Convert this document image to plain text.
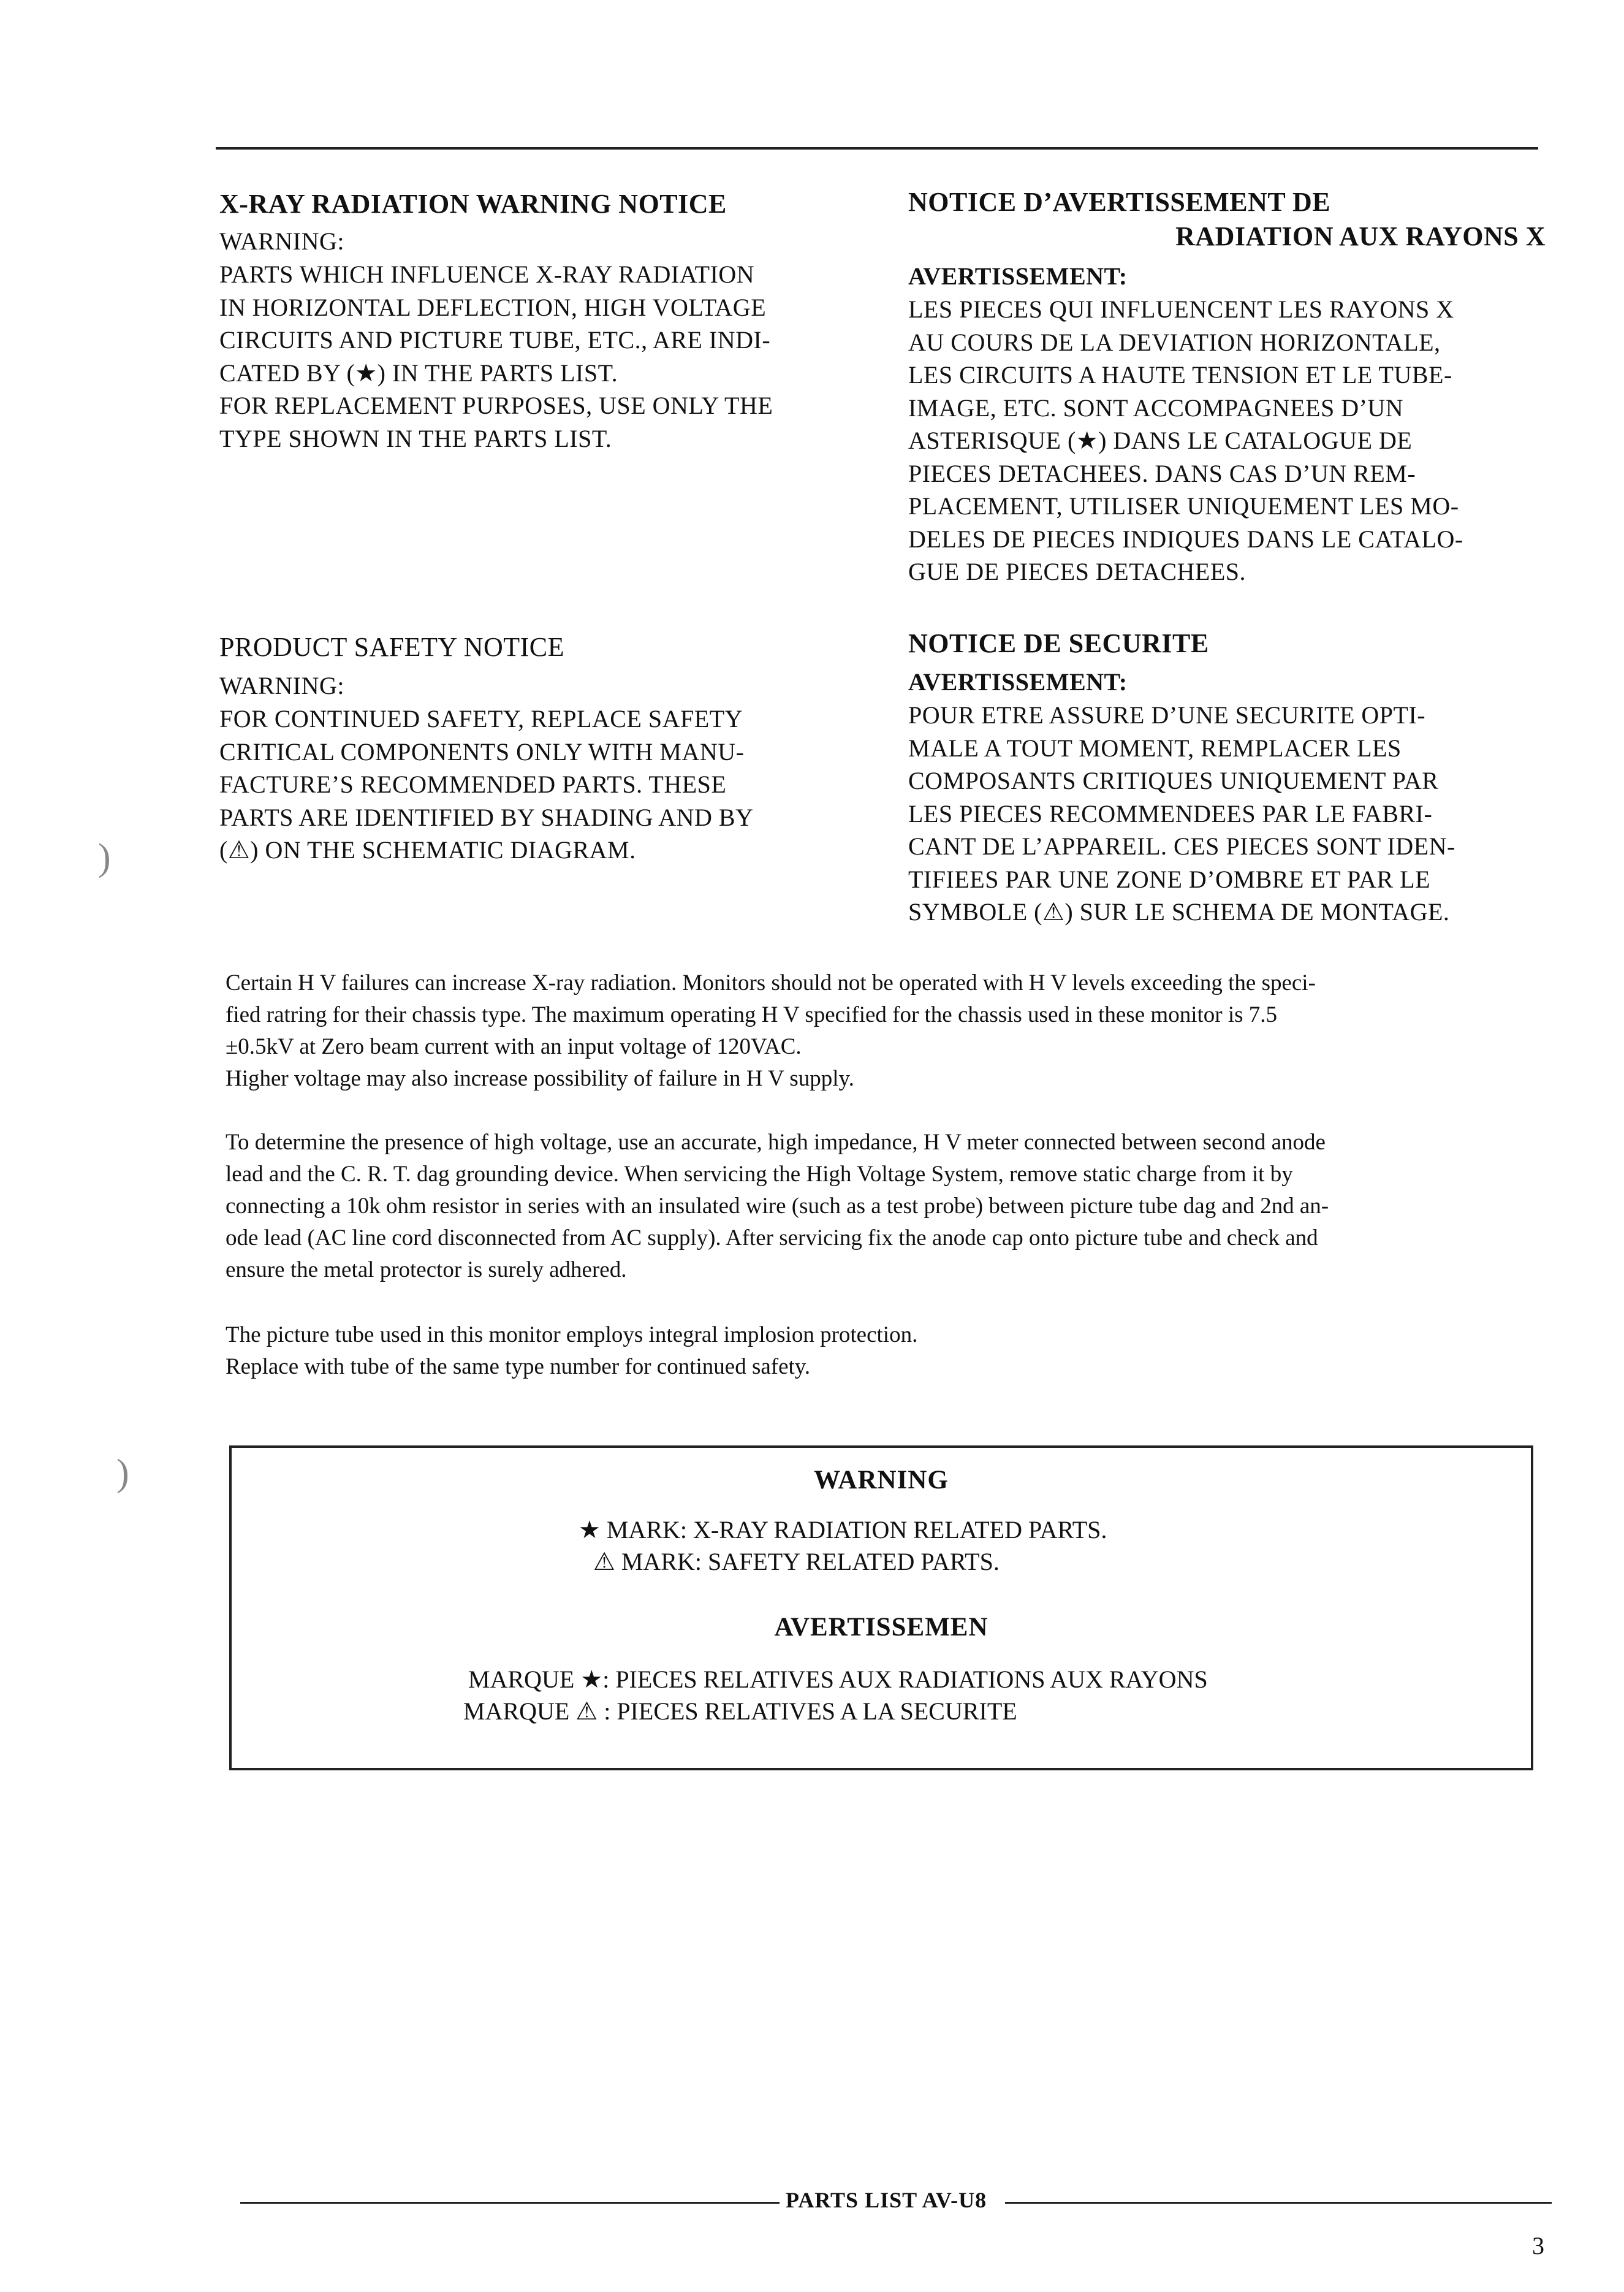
X-RAY RADIATION WARNING NOTICE
WARNING:
PARTS WHICH INFLUENCE X-RAY RADIATION
IN HORIZONTAL DEFLECTION, HIGH VOLTAGE
CIRCUITS AND PICTURE TUBE, ETC., ARE INDI-
CATED BY (★) IN THE PARTS LIST.
FOR REPLACEMENT PURPOSES, USE ONLY THE
TYPE SHOWN IN THE PARTS LIST.
NOTICE D’AVERTISSEMENT DE
RADIATION AUX RAYONS X
AVERTISSEMENT:
LES PIECES QUI INFLUENCENT LES RAYONS X
AU COURS DE LA DEVIATION HORIZONTALE,
LES CIRCUITS A HAUTE TENSION ET LE TUBE-
IMAGE, ETC. SONT ACCOMPAGNEES D’UN
ASTERISQUE (★) DANS LE CATALOGUE DE
PIECES DETACHEES. DANS CAS D’UN REM-
PLACEMENT, UTILISER UNIQUEMENT LES MO-
DELES DE PIECES INDIQUES DANS LE CATALO-
GUE DE PIECES DETACHEES.
PRODUCT SAFETY NOTICE
WARNING:
FOR CONTINUED SAFETY, REPLACE SAFETY
CRITICAL COMPONENTS ONLY WITH MANU-
FACTURE’S RECOMMENDED PARTS. THESE
PARTS ARE IDENTIFIED BY SHADING AND BY
(⚠) ON THE SCHEMATIC DIAGRAM.
NOTICE DE SECURITE
AVERTISSEMENT:
POUR ETRE ASSURE D’UNE SECURITE OPTI-
MALE A TOUT MOMENT, REMPLACER LES
COMPOSANTS CRITIQUES UNIQUEMENT PAR
LES PIECES RECOMMENDEES PAR LE FABRI-
CANT DE L’APPAREIL. CES PIECES SONT IDEN-
TIFIEES PAR UNE ZONE D’OMBRE ET PAR LE
SYMBOLE (⚠) SUR LE SCHEMA DE MONTAGE.
Certain H V failures can increase X-ray radiation. Monitors should not be operated with H V levels exceeding the speci-
fied ratring for their chassis type. The maximum operating H V specified for the chassis used in these monitor is 7.5
±0.5kV at Zero beam current with an input voltage of 120VAC.
Higher voltage may also increase possibility of failure in H V supply.
To determine the presence of high voltage, use an accurate, high impedance, H V meter connected between second anode
lead and the C. R. T. dag grounding device. When servicing the High Voltage System, remove static charge from it by
connecting a 10k ohm resistor in series with an insulated wire (such as a test probe) between picture tube dag and 2nd an-
ode lead (AC line cord disconnected from AC supply). After servicing fix the anode cap onto picture tube and check and
ensure the metal protector is surely adhered.
The picture tube used in this monitor employs integral implosion protection.
Replace with tube of the same type number for continued safety.
WARNING
★ MARK: X-RAY RADIATION RELATED PARTS.
⚠ MARK: SAFETY RELATED PARTS.
AVERTISSEMEN
MARQUE ★: PIECES RELATIVES AUX RADIATIONS AUX RAYONS
MARQUE ⚠ : PIECES RELATIVES A LA SECURITE
PARTS LIST AV-U8
3
)
)
